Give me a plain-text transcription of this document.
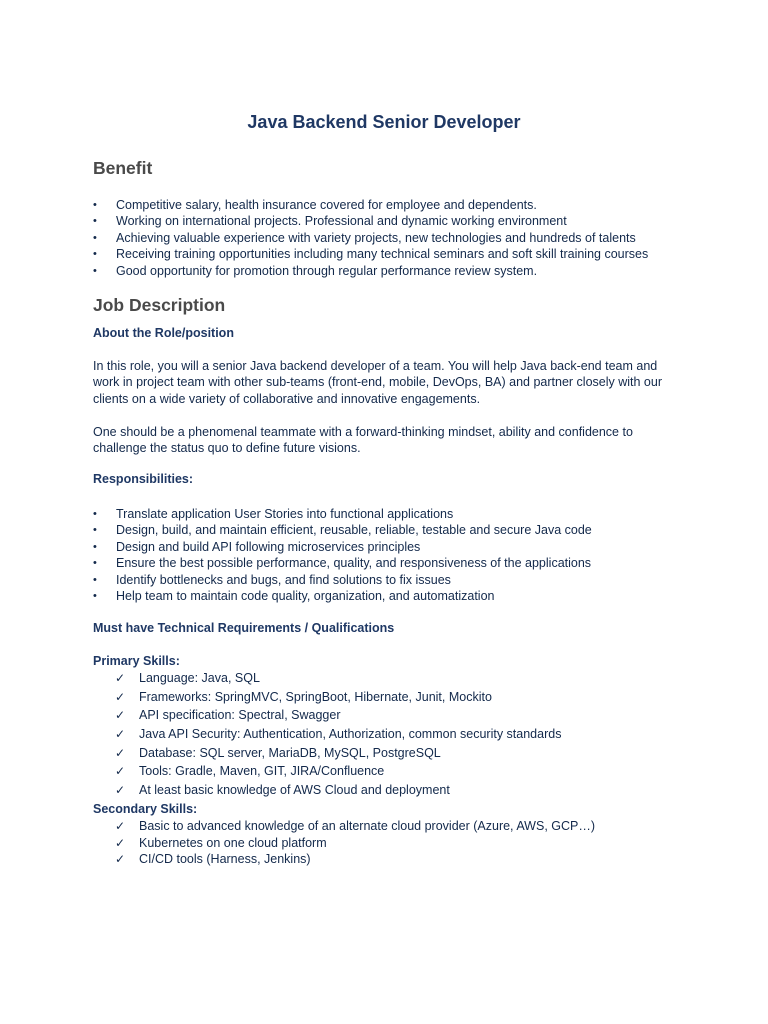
Java Backend Senior Developer
Benefit
•	Competitive salary, health insurance covered for employee and dependents.
•	Working on international projects. Professional and dynamic working environment
•	Achieving valuable experience with variety projects, new technologies and hundreds of talents
•	Receiving training opportunities including many technical seminars and soft skill training courses
•	Good opportunity for promotion through regular performance review system.
Job Description
About the Role/position
In this role, you will a senior Java backend developer of a team. You will help Java back-end team and work in project team with other sub-teams (front-end, mobile, DevOps, BA) and partner closely with our clients on a wide variety of collaborative and innovative engagements.
One should be a phenomenal teammate with a forward-thinking mindset, ability and confidence to challenge the status quo to define future visions.
Responsibilities:
•	Translate application User Stories into functional applications
•	Design, build, and maintain efficient, reusable, reliable, testable and secure Java code
•	Design and build API following microservices principles
•	Ensure the best possible performance, quality, and responsiveness of the applications
•	Identify bottlenecks and bugs, and find solutions to fix issues
•	Help team to maintain code quality, organization, and automatization
Must have Technical Requirements / Qualifications
Primary Skills:
✓ Language: Java, SQL
✓ Frameworks: SpringMVC, SpringBoot, Hibernate, Junit, Mockito
✓ API specification: Spectral, Swagger
✓ Java API Security: Authentication, Authorization, common security standards
✓ Database: SQL server, MariaDB, MySQL, PostgreSQL
✓ Tools: Gradle, Maven, GIT, JIRA/Confluence
✓ At least basic knowledge of AWS Cloud and deployment
Secondary Skills:
✓ Basic to advanced knowledge of an alternate cloud provider (Azure, AWS, GCP…)
✓ Kubernetes on one cloud platform
✓ CI/CD tools (Harness, Jenkins)
